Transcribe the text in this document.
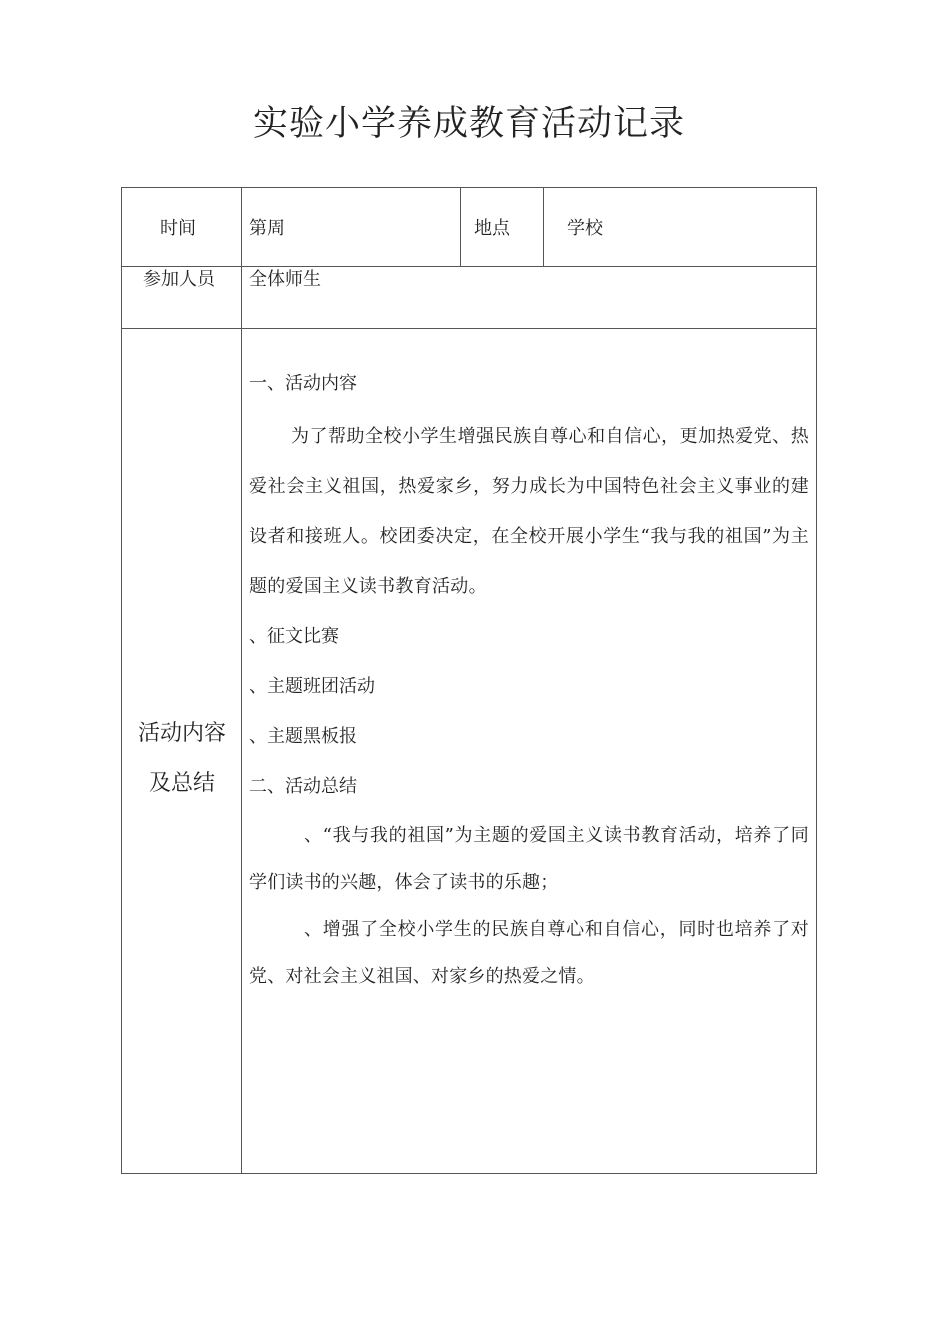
实验小学养成教育活动记录
时间	第周	地点	学校
参加人员 全体师生
活动内容
及总结

一、活动内容

为了帮助全校小学生增强民族自尊心和自信心，更加热爱党、热爱社会主义祖国，热爱家乡，努力成长为中国特色社会主义事业的建设者和接班人。校团委决定，在全校开展小学生“我与我的祖国”为主题的爱国主义读书教育活动。

、征文比赛

、主题班团活动

、主题黑板报

二、活动总结

、“我与我的祖国”为主题的爱国主义读书教育活动，培养了同学们读书的兴趣，体会了读书的乐趣；

、增强了全校小学生的民族自尊心和自信心，同时也培养了对党、对社会主义祖国、对家乡的热爱之情。
